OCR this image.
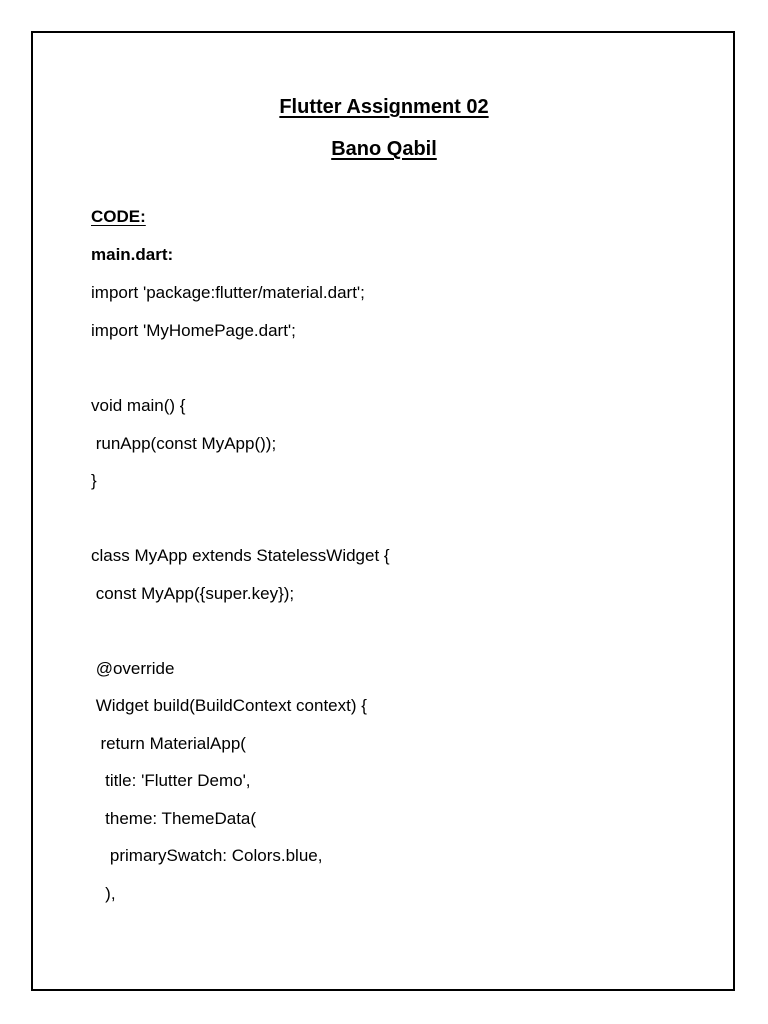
Flutter Assignment 02
Bano Qabil
CODE:
main.dart:
import 'package:flutter/material.dart';
import 'MyHomePage.dart';
void main() {
runApp(const MyApp());
}
class MyApp extends StatelessWidget {
const MyApp({super.key});
@override
Widget build(BuildContext context) {
return MaterialApp(
title: 'Flutter Demo',
theme: ThemeData(
primarySwatch: Colors.blue,
),
